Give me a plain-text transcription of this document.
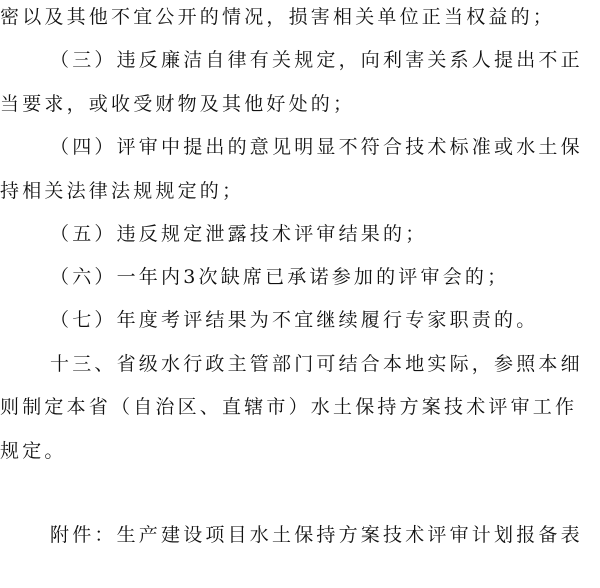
密以及其他不宜公开的情况，损害相关单位正当权益的；
（三）违反廉洁自律有关规定，向利害关系人提出不正
当要求，或收受财物及其他好处的；
（四）评审中提出的意见明显不符合技术标准或水土保
持相关法律法规规定的；
（五）违反规定泄露技术评审结果的；
（六）一年内3次缺席已承诺参加的评审会的；
（七）年度考评结果为不宜继续履行专家职责的。
十三、省级水行政主管部门可结合本地实际，参照本细
则制定本省（自治区、直辖市）水土保持方案技术评审工作
规定。
附件：生产建设项目水土保持方案技术评审计划报备表
